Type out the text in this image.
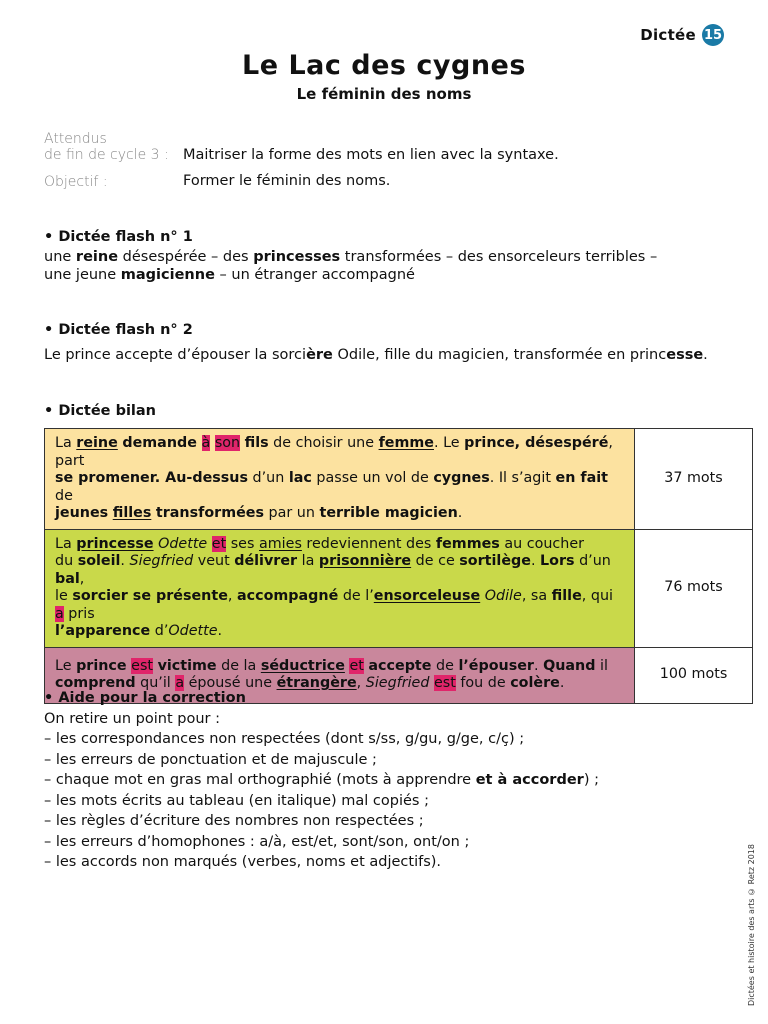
Dictée 15
Le Lac des cygnes
Le féminin des noms
Attendus
de fin de cycle 3 : Maitriser la forme des mots en lien avec la syntaxe.
Objectif :	Former le féminin des noms.
• Dictée flash n° 1
une reine désespérée – des princesses transformées – des ensorceleurs terribles –
une jeune magicienne – un étranger accompagné
• Dictée flash n° 2
Le prince accepte d’épouser la sorcière Odile, fille du magicien, transformée en princesse.
• Dictée bilan
La reine demande à son fils de choisir une femme. Le prince, désespéré, part
se promener. Au-dessus d’un lac passe un vol de cygnes. Il s’agit en fait de
jeunes filles transformées par un terrible magicien.	37 mots

La princesse Odette et ses amies redeviennent des femmes au coucher
du soleil. Siegfried veut délivrer la prisonnière de ce sortilège. Lors d’un bal,
le sorcier se présente, accompagné de l’ensorceleuse Odile, sa fille, qui a pris
l’apparence d’Odette.	76 mots

Le prince est victime de la séductrice et accepte de l’épouser. Quand il
comprend qu’il a épousé une étrangère, Siegfried est fou de colère.	100 mots
• Aide pour la correction
On retire un point pour :
– les correspondances non respectées (dont s/ss, g/gu, g/ge, c/ç) ;
– les erreurs de ponctuation et de majuscule ;
– chaque mot en gras mal orthographié (mots à apprendre et à accorder) ;
– les mots écrits au tableau (en italique) mal copiés ;
– les règles d’écriture des nombres non respectées ;
– les erreurs d’homophones : a/à, est/et, sont/son, ont/on ;
– les accords non marqués (verbes, noms et adjectifs).	Dictées et histoire des arts © Retz 2018
